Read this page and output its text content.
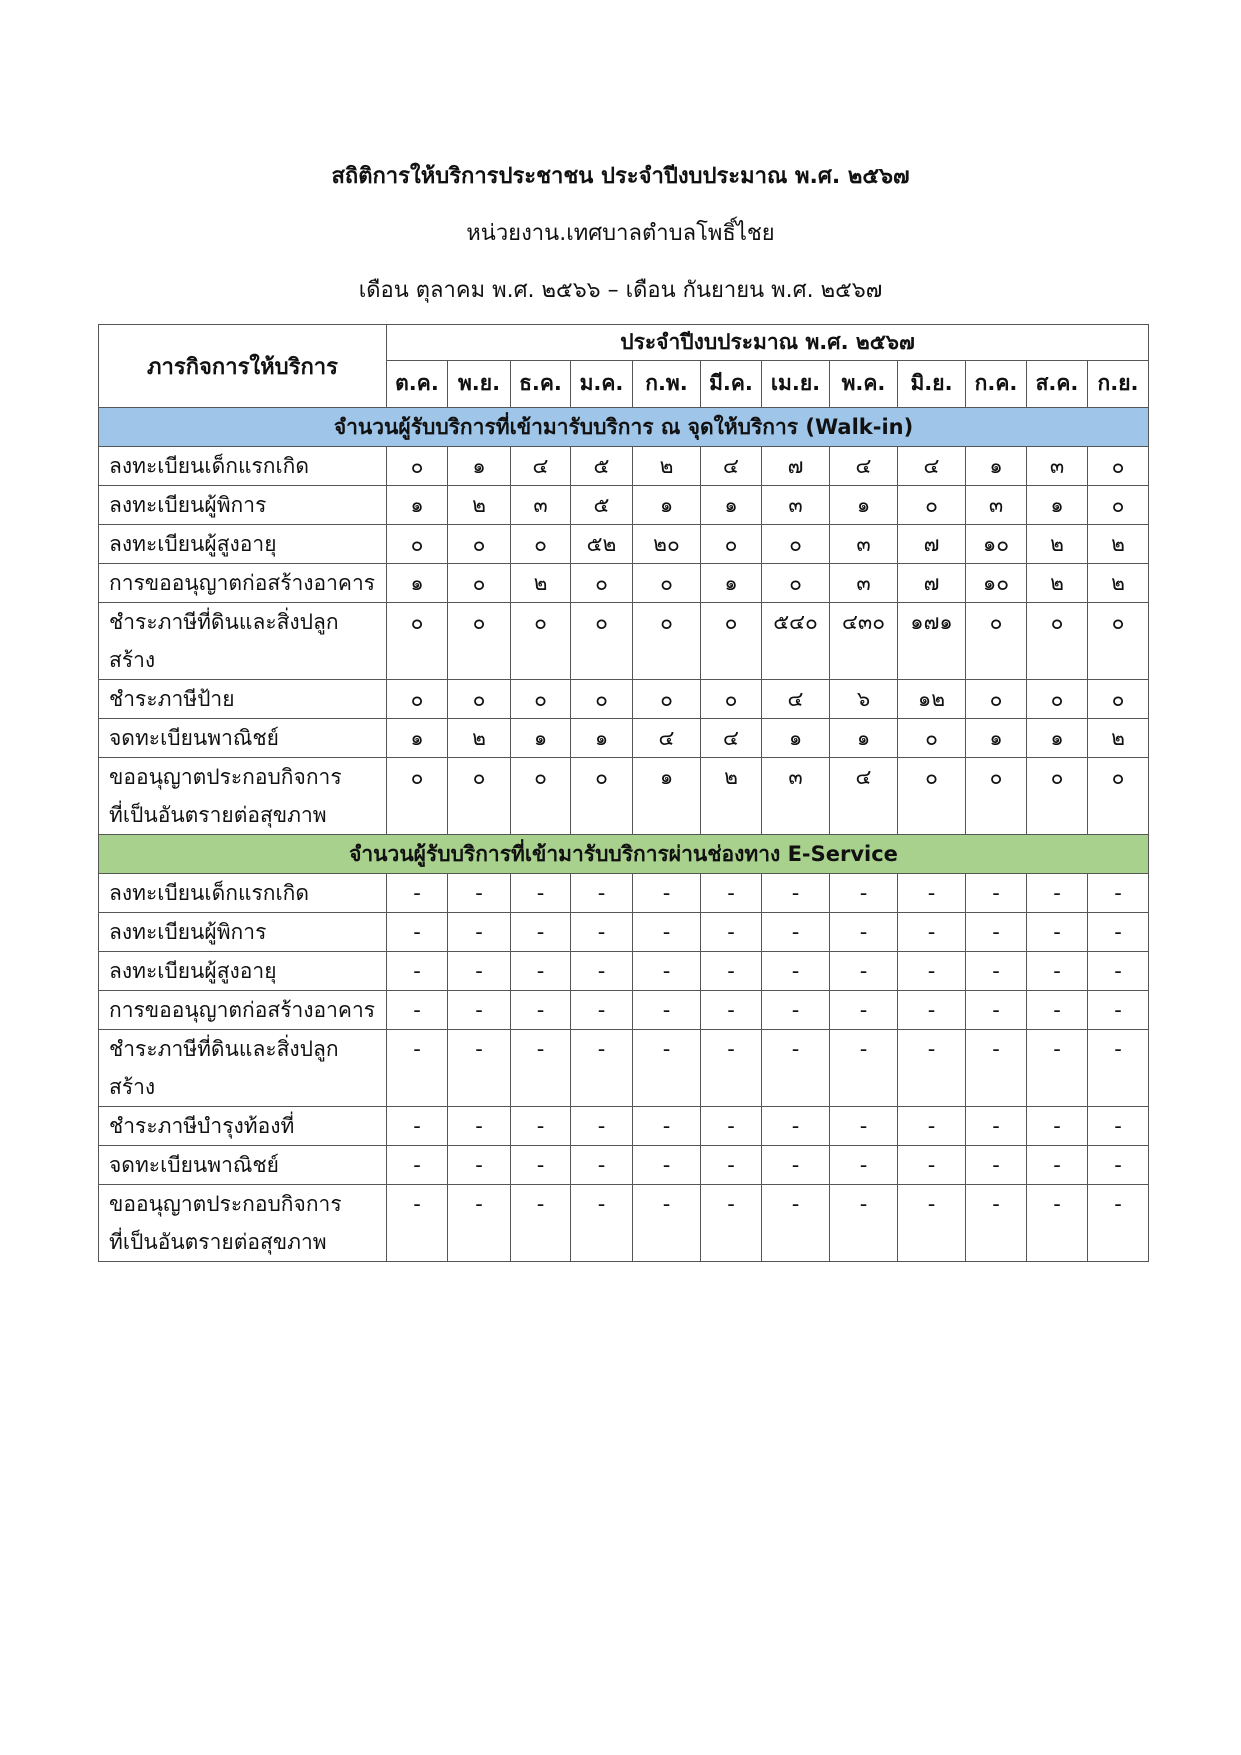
สถิติการให้บริการประชาชน ประจำปีงบประมาณ พ.ศ. ๒๕๖๗
หน่วยงาน.เทศบาลตำบลโพธิ์ไชย
เดือน ตุลาคม พ.ศ. ๒๕๖๖ – เดือน กันยายน พ.ศ. ๒๕๖๗
ภารกิจการให้บริการ	ประจำปีงบประมาณ พ.ศ. ๒๕๖๗											
	ต.ค.	พ.ย.	ธ.ค.	ม.ค.	ก.พ.	มี.ค.	เม.ย.	พ.ค.	มิ.ย.	ก.ค.	ส.ค.	ก.ย.
จำนวนผู้รับบริการที่เข้ามารับบริการ ณ จุดให้บริการ (Walk-in)												

ลงทะเบียนเด็กแรกเกิด	๐	๑	๔	๕	๒	๔	๗	๔	๔	๑	๓	๐

ลงทะเบียนผู้พิการ	๑	๒	๓	๕	๑	๑	๓	๑	๐	๓	๑	๐

ลงทะเบียนผู้สูงอายุ	๐	๐	๐	๕๒	๒๐	๐	๐	๓	๗	๑๐	๒	๒

การขออนุญาตก่อสร้างอาคาร	๑	๐	๒	๐	๐	๑	๐	๓	๗	๑๐	๒	๒

ชำระภาษีที่ดินและสิ่งปลูก
สร้าง	๐	๐	๐	๐	๐	๐	๕๔๐	๔๓๐	๑๗๑	๐	๐	๐

ชำระภาษีป้าย	๐	๐	๐	๐	๐	๐	๔	๖	๑๒	๐	๐	๐

จดทะเบียนพาณิชย์	๑	๒	๑	๑	๔	๔	๑	๑	๐	๑	๑	๒

ขออนุญาตประกอบกิจการ
ที่เป็นอันตรายต่อสุขภาพ	๐	๐	๐	๐	๑	๒	๓	๔	๐	๐	๐	๐
จำนวนผู้รับบริการที่เข้ามารับบริการผ่านช่องทาง E-Service												

ลงทะเบียนเด็กแรกเกิด	-	-	-	-	-	-	-	-	-	-	-	-

ลงทะเบียนผู้พิการ	-	-	-	-	-	-	-	-	-	-	-	-

ลงทะเบียนผู้สูงอายุ	-	-	-	-	-	-	-	-	-	-	-	-

การขออนุญาตก่อสร้างอาคาร	-	-	-	-	-	-	-	-	-	-	-	-

ชำระภาษีที่ดินและสิ่งปลูก
สร้าง	-	-	-	-	-	-	-	-	-	-	-	-

ชำระภาษีบำรุงท้องที่	-	-	-	-	-	-	-	-	-	-	-	-

จดทะเบียนพาณิชย์	-	-	-	-	-	-	-	-	-	-	-	-

ขออนุญาตประกอบกิจการ
ที่เป็นอันตรายต่อสุขภาพ	-	-	-	-	-	-	-	-	-	-	-	-
